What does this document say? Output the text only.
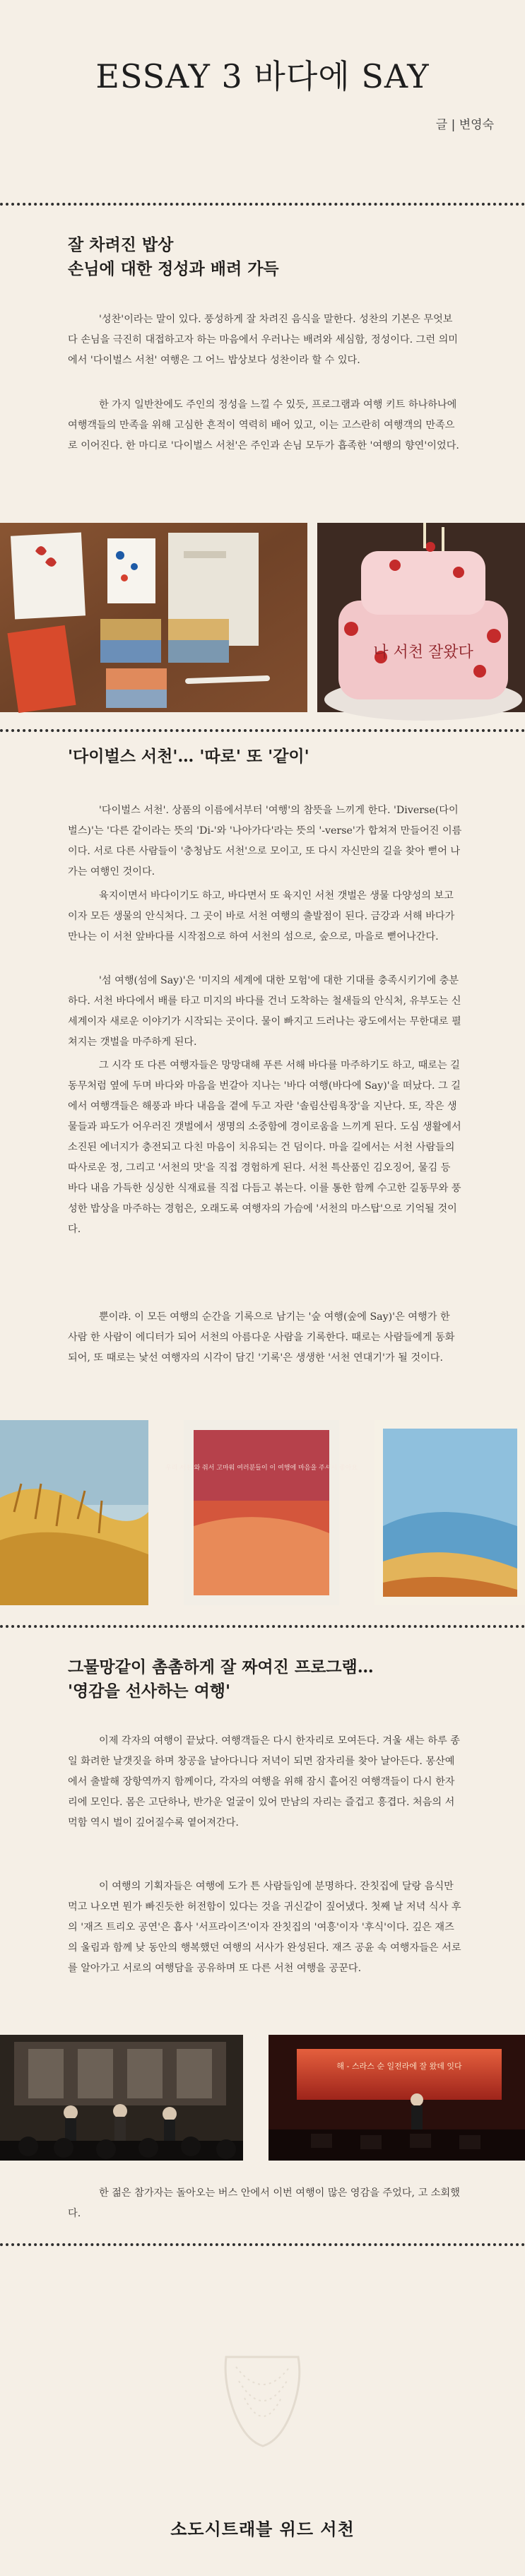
ESSAY 3 바다에 SAY
글 | 변영숙
잘 차려진 밥상
손님에 대한 정성과 배려 가득

'성찬'이라는 말이 있다. 풍성하게 잘 차려진 음식을 말한다. 성찬의 기본은 무엇보다 손님을 극진히 대접하고자 하는 마음에서 우러나는 배려와 세심함, 정성이다. 그런 의미에서 '다이벌스 서천' 여행은 그 어느 밥상보다 성찬이라 할 수 있다.

한 가지 일반찬에도 주인의 정성을 느낄 수 있듯, 프로그램과 여행 키트 하나하나에 여행객들의 만족을 위해 고심한 흔적이 역력히 배어 있고, 이는 고스란히 여행객의 만족으로 이어진다. 한 마디로 '다이벌스 서천'은 주인과 손님 모두가 흡족한 '여행의 향연'이었다.

나 서천 잘왔다
'다이벌스 서천'… '따로' 또 '같이'

'다이벌스 서천'. 상품의 이름에서부터 '여행'의 참뜻을 느끼게 한다. 'Diverse(다이벌스)'는 '다른 같이라는 뜻의 'Di-'와 '나아가다'라는 뜻의 '-verse'가 합쳐져 만들어진 이름이다. 서로 다른 사람들이 '충청남도 서천'으로 모이고, 또 다시 자신만의 길을 찾아 뻗어 나가는 여행인 것이다.

육지이면서 바다이기도 하고, 바다면서 또 육지인 서천 갯벌은 생물 다양성의 보고이자 모든 생물의 안식처다. 그 곳이 바로 서천 여행의 출발점이 된다. 금강과 서해 바다가 만나는 이 서천 앞바다를 시작점으로 하여 서천의 섬으로, 숲으로, 마을로 뻗어나간다.

'섬 여행(섬에 Say)'은 '미지의 세계에 대한 모험'에 대한 기대를 충족시키기에 충분하다. 서천 바다에서 배를 타고 미지의 바다를 건너 도착하는 철새들의 안식처, 유부도는 신세계이자 새로운 이야기가 시작되는 곳이다. 물이 빠지고 드러나는 광도에서는 무한대로 펼쳐지는 갯벌을 마주하게 된다.

그 시각 또 다른 여행자들은 망망대해 푸른 서해 바다를 마주하기도 하고, 때로는 길동무처럼 옆에 두며 바다와 마음을 번갈아 지나는 '바다 여행(바다에 Say)'을 떠났다. 그 길에서 여행객들은 해풍과 바다 내음을 곁에 두고 자란 '솔림산림욕장'을 지난다. 또, 작은 생물들과 파도가 어우러진 갯벌에서 생명의 소중함에 경이로움을 느끼게 된다. 도심 생활에서 소진된 에너지가 충전되고 다친 마음이 치유되는 건 덤이다. 마을 길에서는 서천 사람들의 따사로운 정, 그리고 '서천의 맛'을 직접 경험하게 된다. 서천 특산품인 김오징어, 물김 등 바다 내음 가득한 싱싱한 식재료를 직접 다듬고 볶는다. 이를 통한 함께 수고한 길동무와 풍성한 밥상을 마주하는 경험은, 오래도록 여행자의 가슴에 '서천의 마스탑'으로 기억될 것이다.

뿐이랴. 이 모든 여행의 순간을 기록으로 남기는 '숲 여행(숲에 Say)'은 여행가 한 사람 한 사람이 에디터가 되어 서천의 아름다운 사람을 기록한다. 때로는 사람들에게 동화되어, 또 때로는 낯선 여행자의 시각이 담긴 '기록'은 생생한 '서천 연대기'가 될 것이다.

우리 서천 와 줘서 고마워 여러분들이 이 여행에 마음을 주셔서 좋아요
그물망같이 촘촘하게 잘 짜여진 프로그램…
'영감을 선사하는 여행'

이제 각자의 여행이 끝났다. 여행객들은 다시 한자리로 모여든다. 겨울 새는 하루 종일 화려한 날갯짓을 하며 창공을 날아다니다 저녁이 되면 잠자리를 찾아 날아든다. 몽산예에서 출발해 장항역까지 함께이다, 각자의 여행을 위해 잠시 흩어진 여행객들이 다시 한자리에 모인다. 몸은 고단하나, 반가운 얼굴이 있어 만남의 자리는 즐겁고 흥겹다. 처음의 서먹함 역시 벌이 깊어질수록 옅어져간다.

이 여행의 기획자들은 여행에 도가 튼 사람들임에 분명하다. 잔칫집에 달랑 음식만 먹고 나오면 뭔가 빠진듯한 허전함이 있다는 것을 귀신같이 짚어냈다. 첫째 날 저녁 식사 후의 '재즈 트리오 공연'은 흡사 '서프라이즈'이자 잔칫집의 '여흥'이자 '후식'이다. 깊은 재즈의 울림과 함께 낮 동안의 행복했던 여행의 서사가 완성된다. 재즈 공윤 속 여행자들은 서로를 알아가고 서로의 여행담을 공유하며 또 다른 서천 여행을 공꾼다.

해 - 스라스 순 일전라에 잘 왔데 잇다

한 젊은 참가자는 돌아오는 버스 안에서 이번 여행이 많은 영감을 주었다, 고 소회했다.

소도시트래블 위드 서천
